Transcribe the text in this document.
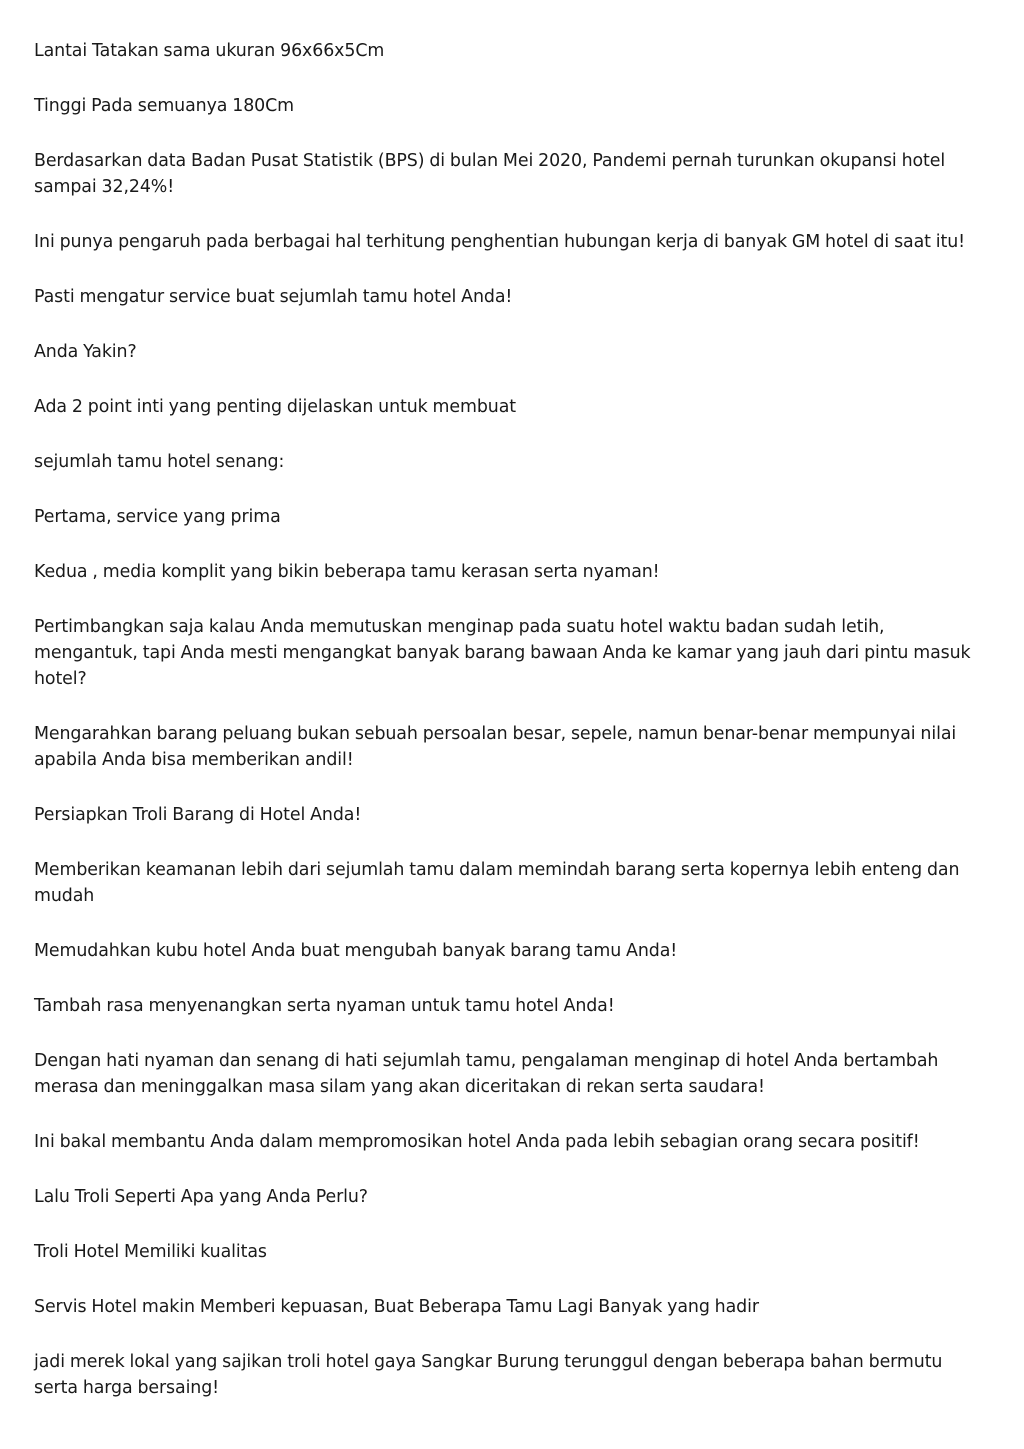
Lantai Tatakan sama ukuran 96x66x5Cm

Tinggi Pada semuanya 180Cm

Berdasarkan data Badan Pusat Statistik (BPS) di bulan Mei 2020, Pandemi pernah turunkan okupansi hotel sampai 32,24%!

Ini punya pengaruh pada berbagai hal terhitung penghentian hubungan kerja di banyak GM hotel di saat itu!

Pasti mengatur service buat sejumlah tamu hotel Anda!

Anda Yakin?

Ada 2 point inti yang penting dijelaskan untuk membuat

sejumlah tamu hotel senang:

Pertama, service yang prima

Kedua , media komplit yang bikin beberapa tamu kerasan serta nyaman!

Pertimbangkan saja kalau Anda memutuskan menginap pada suatu hotel waktu badan sudah letih, mengantuk, tapi Anda mesti mengangkat banyak barang bawaan Anda ke kamar yang jauh dari pintu masuk hotel?

Mengarahkan barang peluang bukan sebuah persoalan besar, sepele, namun benar-benar mempunyai nilai apabila Anda bisa memberikan andil!

Persiapkan Troli Barang di Hotel Anda!

Memberikan keamanan lebih dari sejumlah tamu dalam memindah barang serta kopernya lebih enteng dan mudah

Memudahkan kubu hotel Anda buat mengubah banyak barang tamu Anda!

Tambah rasa menyenangkan serta nyaman untuk tamu hotel Anda!

Dengan hati nyaman dan senang di hati sejumlah tamu, pengalaman menginap di hotel Anda bertambah merasa dan meninggalkan masa silam yang akan diceritakan di rekan serta saudara!

Ini bakal membantu Anda dalam mempromosikan hotel Anda pada lebih sebagian orang secara positif!

Lalu Troli Seperti Apa yang Anda Perlu?

Troli Hotel Memiliki kualitas

Servis Hotel makin Memberi kepuasan, Buat Beberapa Tamu Lagi Banyak yang hadir

jadi merek lokal yang sajikan troli hotel gaya Sangkar Burung terunggul dengan beberapa bahan bermutu serta harga bersaing!
